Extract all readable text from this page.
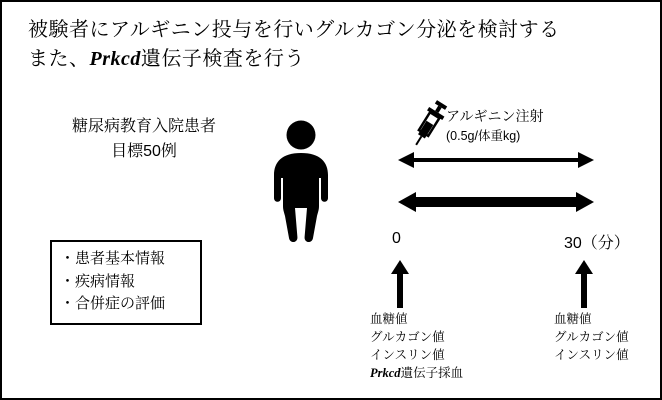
被験者にアルギニン投与を行いグルカゴン分泌を検討する
また、Prkcd遺伝子検査を行う
糖尿病教育入院患者
目標50例
・患者基本情報
・疾病情報
・合併症の評価
アルギニン注射
(0.5g/体重kg)
0	30（分）
血糖値
グルカゴン値
インスリン値
Prkcd遺伝子採血
血糖値
グルカゴン値
インスリン値
